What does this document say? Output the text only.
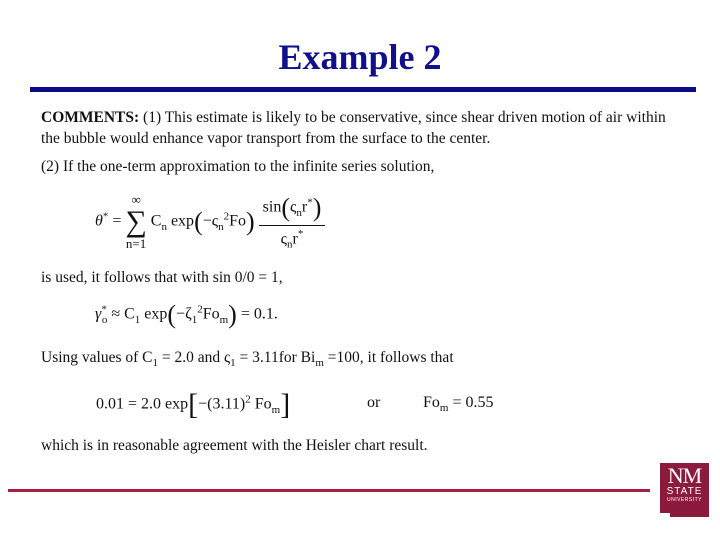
Example 2
COMMENTS: (1) This estimate is likely to be conservative, since shear driven motion of air within
the bubble would enhance vapor transport from the surface to the center.
(2) If the one-term approximation to the infinite series solution,
θ* =
∞
∑
n=1
$C_n$ $\exp(-\varsigma_n^2Fo) \frac{\sin(\varsigma_nr^*)}{\varsigma_nr^*}$
is used, it follows that with sin 0/0 = 1,
$\gamma^*_o \approx C_1$ $\exp(-\zeta_1^2Fo_m) = 0.1$.
Using values of $C_1 = 2.0$ and $\varsigma_1 = 3.11for$ $Bi_m =100$, it follows that
0.01 = 2.0 $\exp[-(3.11)^2$ $Fo_m$]	or	$Fo_m = 0.55$
which is in reasonable agreement with the Heisler chart result.
NM
STATE
UNIVERSITY
